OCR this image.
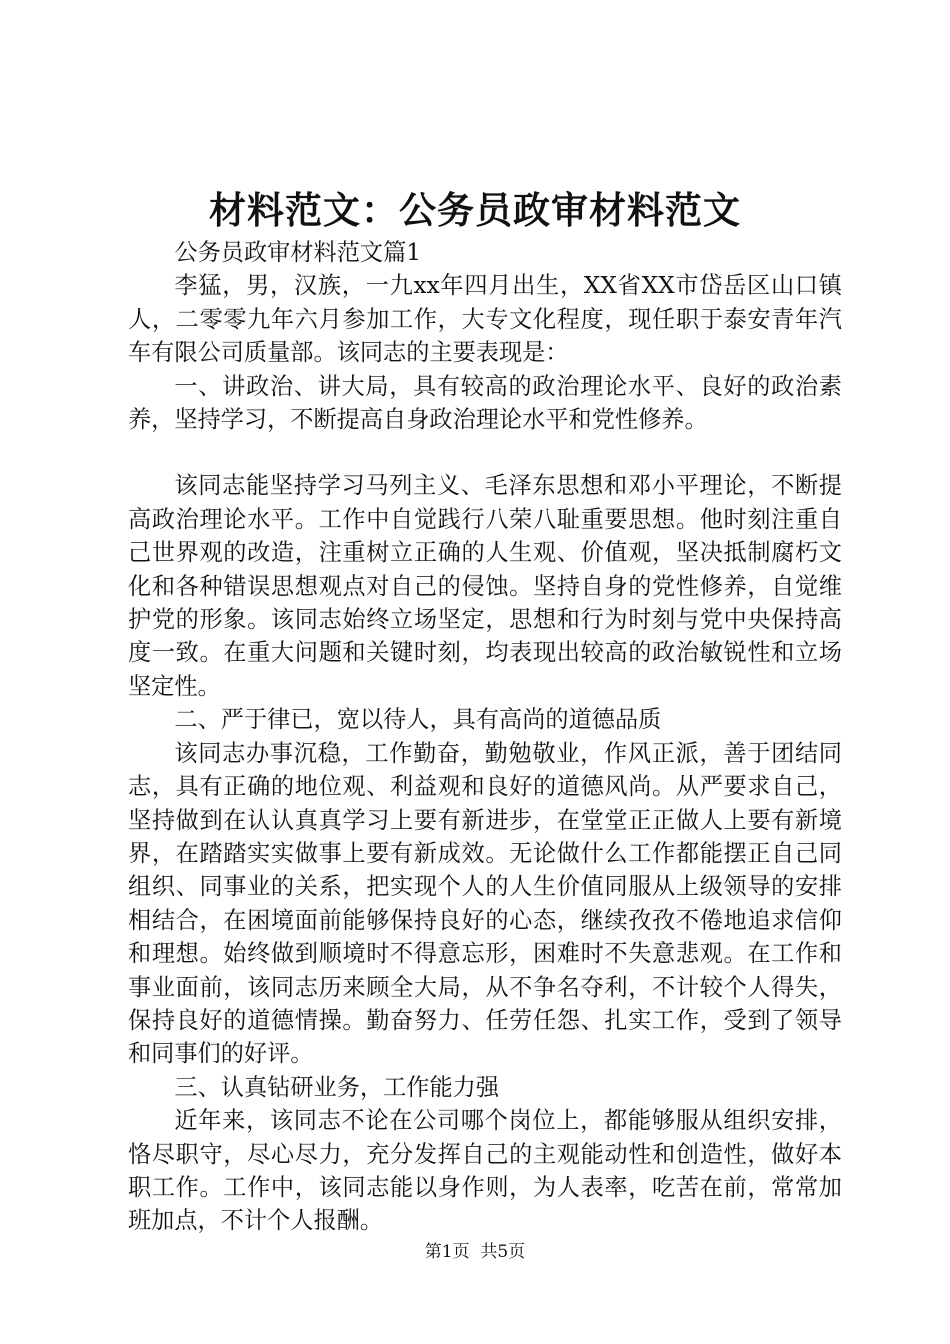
材料范文：公务员政审材料范文

公务员政审材料范文篇1

李猛，男，汉族，一九xx年四月出生，XX省XX市岱岳区山口镇人，二零零九年六月参加工作，大专文化程度，现任职于泰安青年汽车有限公司质量部。该同志的主要表现是：

一、讲政治、讲大局，具有较高的政治理论水平、良好的政治素养，坚持学习，不断提高自身政治理论水平和党性修养。

该同志能坚持学习马列主义、毛泽东思想和邓小平理论，不断提高政治理论水平。工作中自觉践行八荣八耻重要思想。他时刻注重自己世界观的改造，注重树立正确的人生观、价值观，坚决抵制腐朽文化和各种错误思想观点对自己的侵蚀。坚持自身的党性修养，自觉维护党的形象。该同志始终立场坚定，思想和行为时刻与党中央保持高度一致。在重大问题和关键时刻，均表现出较高的政治敏锐性和立场坚定性。

二、严于律已，宽以待人，具有高尚的道德品质

该同志办事沉稳，工作勤奋，勤勉敬业，作风正派，善于团结同志，具有正确的地位观、利益观和良好的道德风尚。从严要求自己，坚持做到在认认真真学习上要有新进步，在堂堂正正做人上要有新境界，在踏踏实实做事上要有新成效。无论做什么工作都能摆正自己同组织、同事业的关系，把实现个人的人生价值同服从上级领导的安排相结合，在困境面前能够保持良好的心态，继续孜孜不倦地追求信仰和理想。始终做到顺境时不得意忘形，困难时不失意悲观。在工作和事业面前，该同志历来顾全大局，从不争名夺利，不计较个人得失，保持良好的道德情操。勤奋努力、任劳任怨、扎实工作，受到了领导和同事们的好评。

三、认真钻研业务，工作能力强

近年来，该同志不论在公司哪个岗位上，都能够服从组织安排，恪尽职守，尽心尽力，充分发挥自己的主观能动性和创造性，做好本职工作。工作中，该同志能以身作则，为人表率，吃苦在前，常常加班加点，不计个人报酬。

第1页 共5页
